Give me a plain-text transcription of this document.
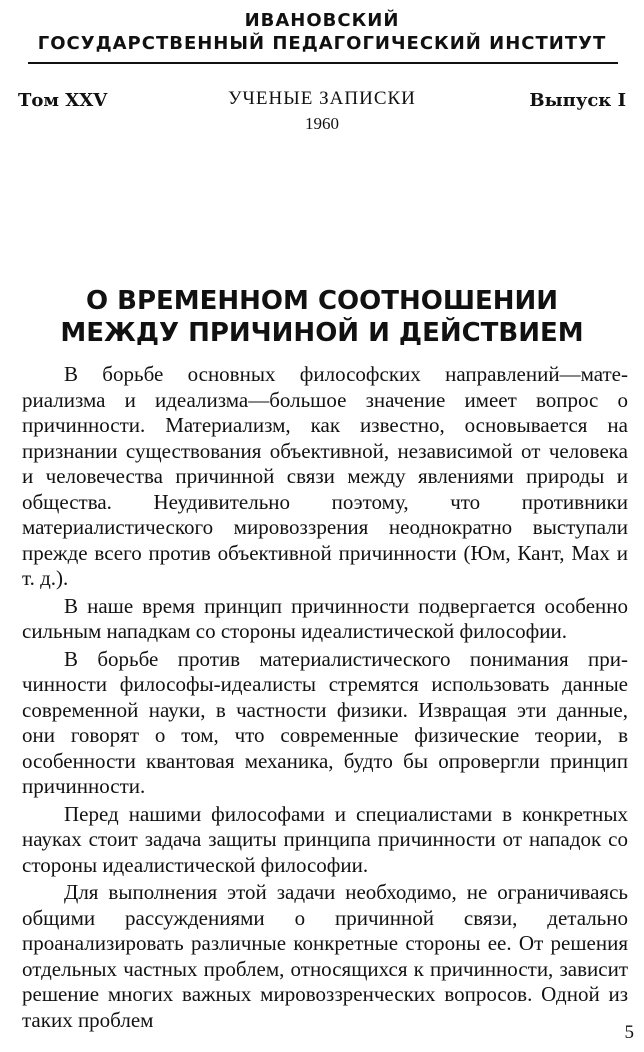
ИВАНОВСКИЙ
ГОСУДАРСТВЕННЫЙ ПЕДАГОГИЧЕСКИЙ ИНСТИТУТ
Том XXV	УЧЕНЫЕ ЗАПИСКИ	Выпуск I
1960
О ВРЕМЕННОМ СООТНОШЕНИИ
МЕЖДУ ПРИЧИНОЙ И ДЕЙСТВИЕМ

В борьбе основных философских направлений—материализма и идеализма—большое значение имеет вопрос о причинности. Материализм, как известно, основывается на признании существования объективной, независимой от человека и человечества причинной связи между явлениями природы и общества. Неудивительно поэтому, что противники материалистического мировоззрения неоднократно выступали прежде всего против объективной причинности (Юм, Кант, Мах и т. д.).

В наше время принцип причинности подвергается особенно сильным нападкам со стороны идеалистической философии.

В борьбе против материалистического понимания причинности философы-идеалисты стремятся использовать данные современной науки, в частности физики. Извращая эти данные, они говорят о том, что современные физические теории, в особенности квантовая механика, будто бы опровергли принцип причинности.

Перед нашими философами и специалистами в конкретных науках стоит задача защиты принципа причинности от нападок со стороны идеалистической философии.

Для выполнения этой задачи необходимо, не ограничиваясь общими рассуждениями о причинной связи, детально проанализировать различные конкретные стороны ее. От решения отдельных частных проблем, относящихся к причинности, зависит решение многих важных мировоззренческих вопросов. Одной из таких проблем

5
